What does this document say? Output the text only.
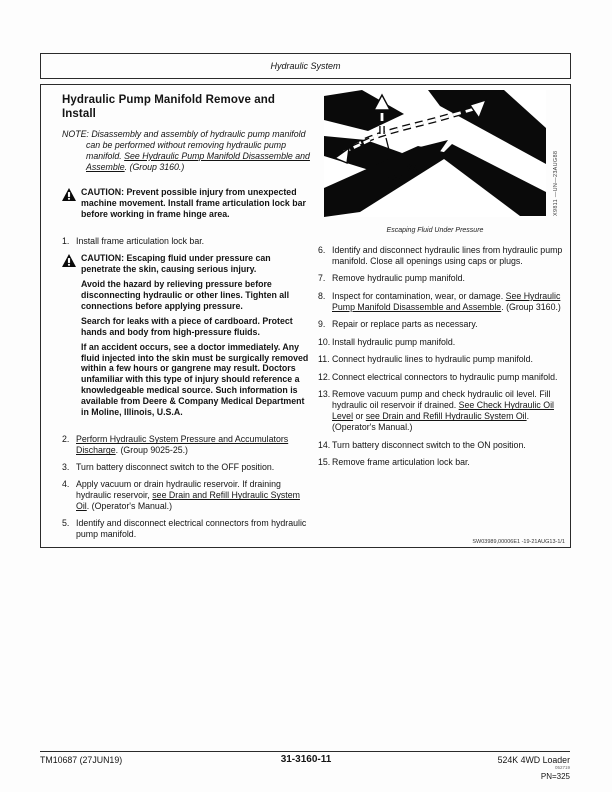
Hydraulic System
Hydraulic Pump Manifold Remove and Install

NOTE: Disassembly and assembly of hydraulic pump manifold can be performed without removing hydraulic pump manifold. See Hydraulic Pump Manifold Disassemble and Assemble. (Group 3160.)

CAUTION: Prevent possible injury from unexpected machine movement. Install frame articulation lock bar before working in frame hinge area.

1. Install frame articulation lock bar.

CAUTION: Escaping fluid under pressure can penetrate the skin, causing serious injury.

Avoid the hazard by relieving pressure before disconnecting hydraulic or other lines. Tighten all connections before applying pressure.

Search for leaks with a piece of cardboard. Protect hands and body from high-pressure fluids.

If an accident occurs, see a doctor immediately. Any fluid injected into the skin must be surgically removed within a few hours or gangrene may result. Doctors unfamiliar with this type of injury should reference a knowledgeable medical source. Such information is available from Deere & Company Medical Department in Moline, Illinois, U.S.A.

2. Perform Hydraulic System Pressure and Accumulators Discharge. (Group 9025-25.)
3. Turn battery disconnect switch to the OFF position.
4. Apply vacuum or drain hydraulic reservoir. If draining hydraulic reservoir, see Drain and Refill Hydraulic System Oil. (Operator's Manual.)
5. Identify and disconnect electrical connectors from hydraulic pump manifold.
Escaping Fluid Under Pressure
X9811 —UN—23AUG88
6. Identify and disconnect hydraulic lines from hydraulic pump manifold. Close all openings using caps or plugs.
7. Remove hydraulic pump manifold.
8. Inspect for contamination, wear, or damage. See Hydraulic Pump Manifold Disassemble and Assemble. (Group 3160.)
9. Repair or replace parts as necessary.
10. Install hydraulic pump manifold.
11. Connect hydraulic lines to hydraulic pump manifold.
12. Connect electrical connectors to hydraulic pump manifold.
13. Remove vacuum pump and check hydraulic oil level. Fill hydraulic oil reservoir if drained. See Check Hydraulic Oil Level or see Drain and Refill Hydraulic System Oil. (Operator's Manual.)
14. Turn battery disconnect switch to the ON position.
15. Remove frame articulation lock bar.
SW03989,00006E1 -19-21AUG13-1/1
TM10687 (27JUN19)	31-3160-11	524K 4WD Loader
052719
PN=325
